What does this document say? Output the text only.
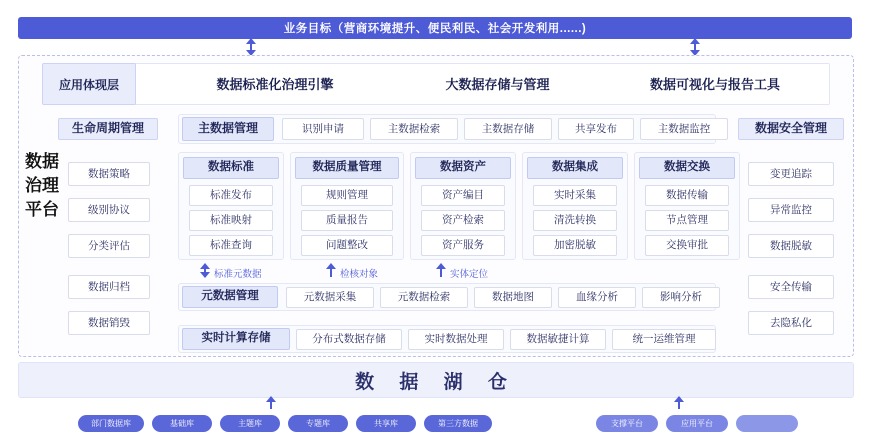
业务目标（营商环境提升、便民利民、社会开发利用......)
数据治理平台
应用体现层	数据标准化治理引擎	大数据存储与管理	数据可视化与报告工具
生命周期管理
数据策略
级别协议
分类评估
数据归档
数据销毁
数据安全管理
变更追踪
异常监控
数据脱敏
安全传输
去隐私化
主数据管理	识别申请	主数据检索	主数据存储	共享发布	主数据监控
数据标准
标准发布
标准映射
标准查询
数据质量管理
规则管理
质量报告
问题整改
数据资产
资产编目
资产检索
资产服务
数据集成
实时采集
清洗转换
加密脱敏
数据交换
数据传输
节点管理
交换审批
标准元数据	检核对象	实体定位
元数据管理	元数据采集	元数据检索	数据地图	血缘分析	影响分析
实时计算存储	分布式数据存储	实时数据处理	数据敏捷计算	统一运维管理
数 据 湖 仓
部门数据库	基础库	主题库	专题库	共享库	第三方数据	支撑平台	应用平台
